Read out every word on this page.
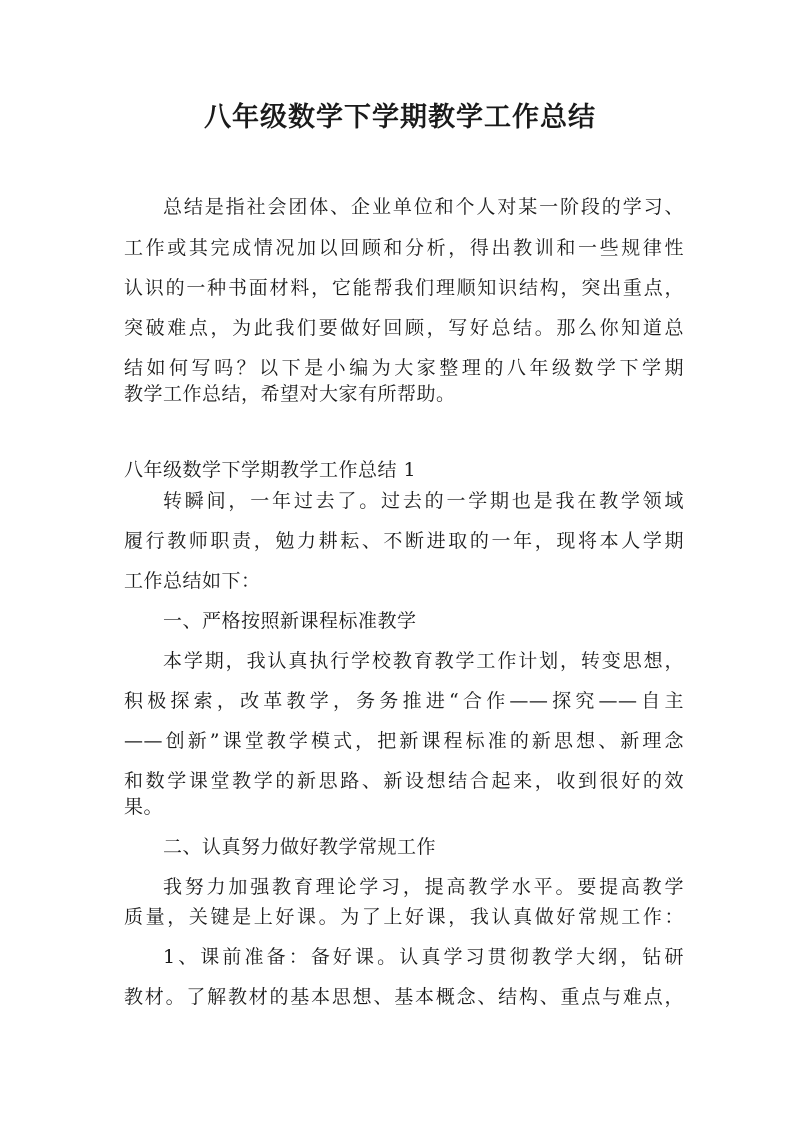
八年级数学下学期教学工作总结

总结是指社会团体、企业单位和个人对某一阶段的学习、

工作或其完成情况加以回顾和分析，得出教训和一些规律性

认识的一种书面材料，它能帮我们理顺知识结构，突出重点，

突破难点，为此我们要做好回顾，写好总结。那么你知道总

结如何写吗？以下是小编为大家整理的八年级数学下学期

教学工作总结，希望对大家有所帮助。

八年级数学下学期教学工作总结 1

转瞬间，一年过去了。过去的一学期也是我在教学领域

履行教师职责，勉力耕耘、不断进取的一年，现将本人学期

工作总结如下：

一、严格按照新课程标准教学

本学期，我认真执行学校教育教学工作计划，转变思想，

积极探索，改革教学，务务推进“合作——探究——自主

——创新”课堂教学模式，把新课程标准的新思想、新理念

和数学课堂教学的新思路、新设想结合起来，收到很好的效

果。

二、认真努力做好教学常规工作

我努力加强教育理论学习，提高教学水平。要提高教学

质量，关键是上好课。为了上好课，我认真做好常规工作：

1、课前准备：备好课。认真学习贯彻教学大纲，钻研

教材。了解教材的基本思想、基本概念、结构、重点与难点，
